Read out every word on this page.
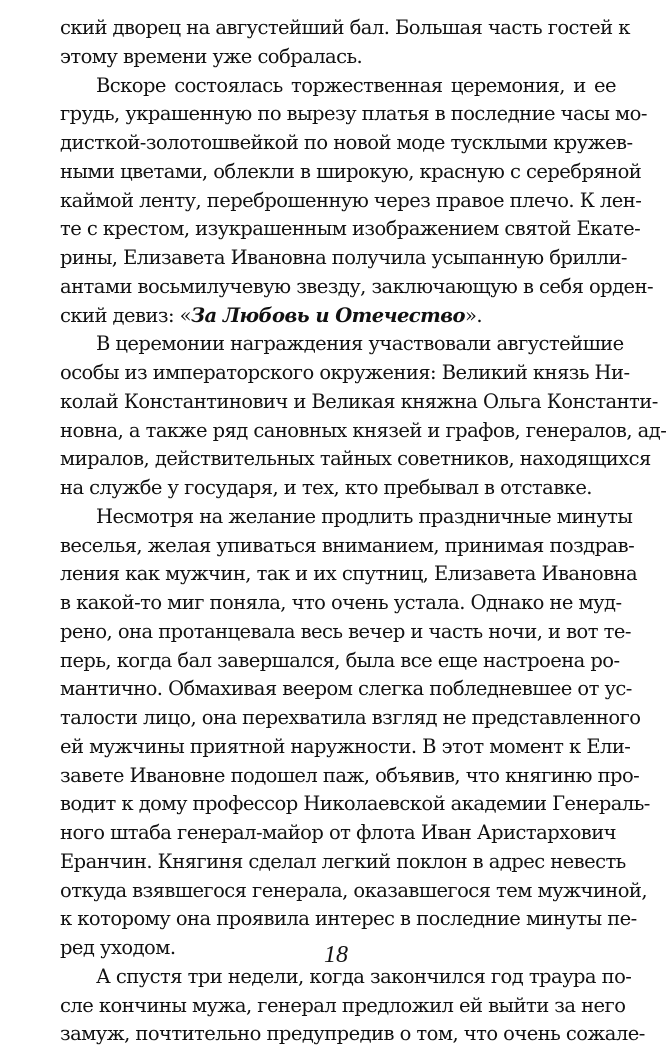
ский дворец на августейший бал. Большая часть гостей к
этому времени уже собралась.
Вскоре состоялась торжественная церемония, и ее
грудь, украшенную по вырезу платья в последние часы мо-
дисткой-золотошвейкой по новой моде тусклыми кружев-
ными цветами, облекли в широкую, красную с серебряной
каймой ленту, переброшенную через правое плечо. К лен-
те с крестом, изукрашенным изображением святой Екате-
рины, Елизавета Ивановна получила усыпанную брилли-
антами восьмилучевую звезду, заключающую в себя орден-
ский девиз: «За Любовь и Отечество».
В церемонии награждения участвовали августейшие
особы из императорского окружения: Великий князь Ни-
колай Константинович и Великая княжна Ольга Константи-
новна, а также ряд сановных князей и графов, генералов, ад-
миралов, действительных тайных советников, находящихся
на службе у государя, и тех, кто пребывал в отставке.
Несмотря на желание продлить праздничные минуты
веселья, желая упиваться вниманием, принимая поздрав-
ления как мужчин, так и их спутниц, Елизавета Ивановна
в какой-то миг поняла, что очень устала. Однако не муд-
рено, она протанцевала весь вечер и часть ночи, и вот те-
перь, когда бал завершался, была все еще настроена ро-
мантично. Обмахивая веером слегка побледневшее от ус-
талости лицо, она перехватила взгляд не представленного
ей мужчины приятной наружности. В этот момент к Ели-
завете Ивановне подошел паж, объявив, что княгиню про-
водит к дому профессор Николаевской академии Генераль-
ного штаба генерал-майор от флота Иван Аристархович
Еранчин. Княгиня сделал легкий поклон в адрес невесть
откуда взявшегося генерала, оказавшегося тем мужчиной,
к которому она проявила интерес в последние минуты пе-
ред уходом.
А спустя три недели, когда закончился год траура по-
сле кончины мужа, генерал предложил ей выйти за него
замуж, почтительно предупредив о том, что очень сожале-
18
